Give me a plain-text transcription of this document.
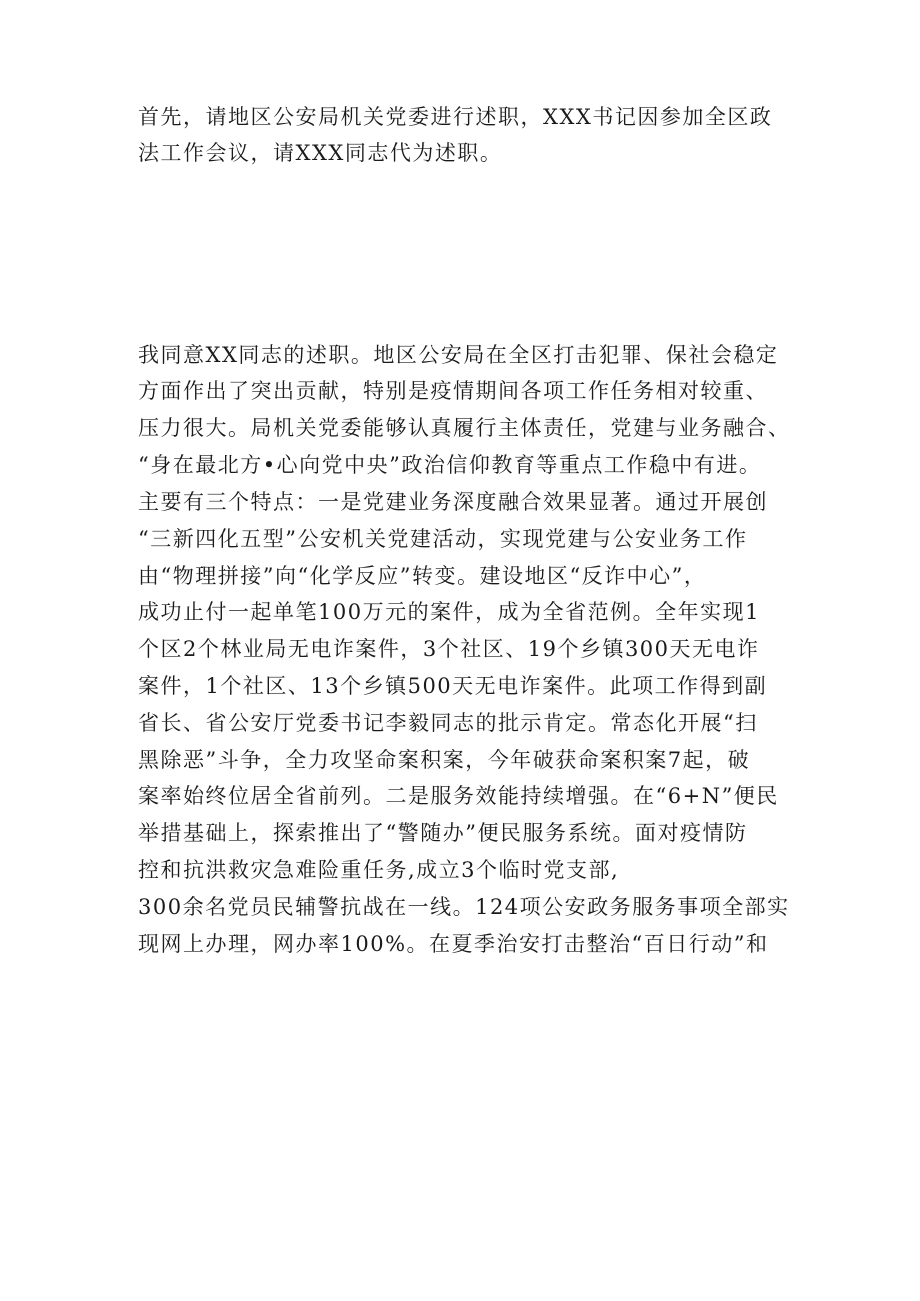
首先，请地区公安局机关党委进行述职，XXX书记因参加全区政
法工作会议，请XXX同志代为述职。
我同意XX同志的述职。地区公安局在全区打击犯罪、保社会稳定
方面作出了突出贡献，特别是疫情期间各项工作任务相对较重、
压力很大。局机关党委能够认真履行主体责任，党建与业务融合、
“身在最北方•心向党中央”政治信仰教育等重点工作稳中有进。
主要有三个特点：一是党建业务深度融合效果显著。通过开展创
“三新四化五型”公安机关党建活动，实现党建与公安业务工作
由“物理拼接”向“化学反应”转变。建设地区“反诈中心”，
成功止付一起单笔100万元的案件，成为全省范例。全年实现1
个区2个林业局无电诈案件，3个社区、19个乡镇300天无电诈
案件，1个社区、13个乡镇500天无电诈案件。此项工作得到副
省长、省公安厅党委书记李毅同志的批示肯定。常态化开展“扫
黑除恶”斗争，全力攻坚命案积案，今年破获命案积案7起，破
案率始终位居全省前列。二是服务效能持续增强。在“6+N”便民
举措基础上，探索推出了“警随办”便民服务系统。面对疫情防
控和抗洪救灾急难险重任务,成立3个临时党支部,
300余名党员民辅警抗战在一线。124项公安政务服务事项全部实
现网上办理，网办率100%。在夏季治安打击整治“百日行动”和
